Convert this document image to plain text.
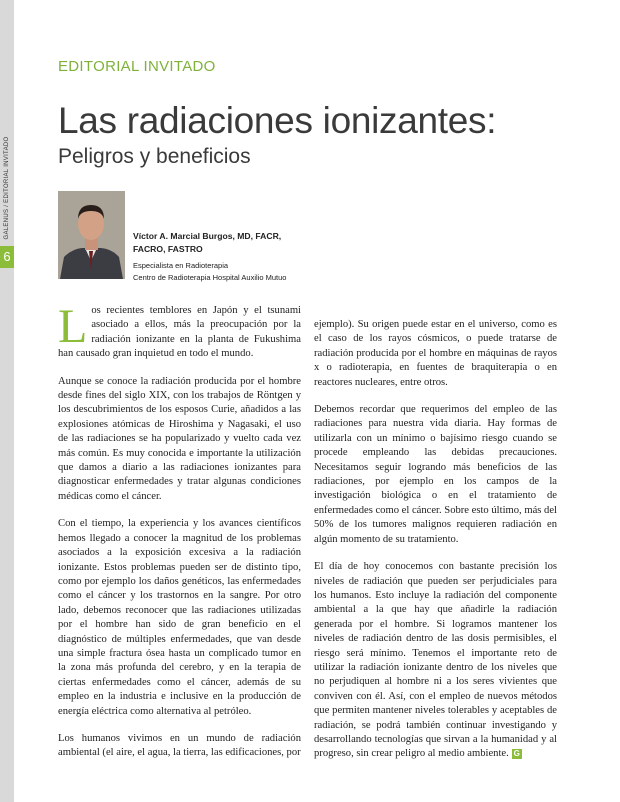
GALENUS / EDITORIAL INVITADO
6
EDITORIAL INVITADO
Las radiaciones ionizantes:
Peligros y beneficios
Víctor A. Marcial Burgos, MD, FACR, FACRO, FASTRO
Especialista en Radioterapia
Centro de Radioterapia Hospital Auxilio Mutuo

Los recientes temblores en Japón y el tsunami asociado a ellos, más la preocupación por la radiación ionizante en la planta de Fukushima han causado gran inquietud en todo el mundo.

Aunque se conoce la radiación producida por el hombre desde fines del siglo XIX, con los trabajos de Röntgen y los descubrimientos de los esposos Curie, añadidos a las explosiones atómicas de Hiroshima y Nagasaki, el uso de las radiaciones se ha popularizado y vuelto cada vez más común. Es muy conocida e importante la utilización que damos a diario a las radiaciones ionizantes para diagnosticar enfermedades y tratar algunas condiciones médicas como el cáncer.

Con el tiempo, la experiencia y los avances científicos hemos llegado a conocer la magnitud de los problemas asociados a la exposición excesiva a la radiación ionizante. Estos problemas pueden ser de distinto tipo, como por ejemplo los daños genéticos, las enfermedades como el cáncer y los trastornos en la sangre. Por otro lado, debemos reconocer que las radiaciones utilizadas por el hombre han sido de gran beneficio en el diagnóstico de múltiples enfermedades, que van desde una simple fractura ósea hasta un complicado tumor en la zona más profunda del cerebro, y en la terapia de ciertas enfermedades como el cáncer, además de su empleo en la industria e inclusive en la producción de energía eléctrica como alternativa al petróleo.

Los humanos vivimos en un mundo de radiación ambiental (el aire, el agua, la tierra, las edificaciones, por

ejemplo). Su origen puede estar en el universo, como es el caso de los rayos cósmicos, o puede tratarse de radiación producida por el hombre en máquinas de rayos x o radioterapia, en fuentes de braquiterapia o en reactores nucleares, entre otros.

Debemos recordar que requerimos del empleo de las radiaciones para nuestra vida diaria. Hay formas de utilizarla con un mínimo o bajísimo riesgo cuando se procede empleando las debidas precauciones. Necesitamos seguir logrando más beneficios de las radiaciones, por ejemplo en los campos de la investigación biológica o en el tratamiento de enfermedades como el cáncer. Sobre esto último, más del 50% de los tumores malignos requieren radiación en algún momento de su tratamiento.

El día de hoy conocemos con bastante precisión los niveles de radiación que pueden ser perjudiciales para los humanos. Esto incluye la radiación del componente ambiental a la que hay que añadirle la radiación generada por el hombre. Si logramos mantener los niveles de radiación dentro de las dosis permisibles, el riesgo será mínimo. Tenemos el importante reto de utilizar la radiación ionizante dentro de los niveles que no perjudiquen al hombre ni a los seres vivientes que conviven con él. Así, con el empleo de nuevos métodos que permiten mantener niveles tolerables y aceptables de radiación, se podrá también continuar investigando y desarrollando tecnologías que sirvan a la humanidad y al progreso, sin crear peligro al medio ambiente. G
